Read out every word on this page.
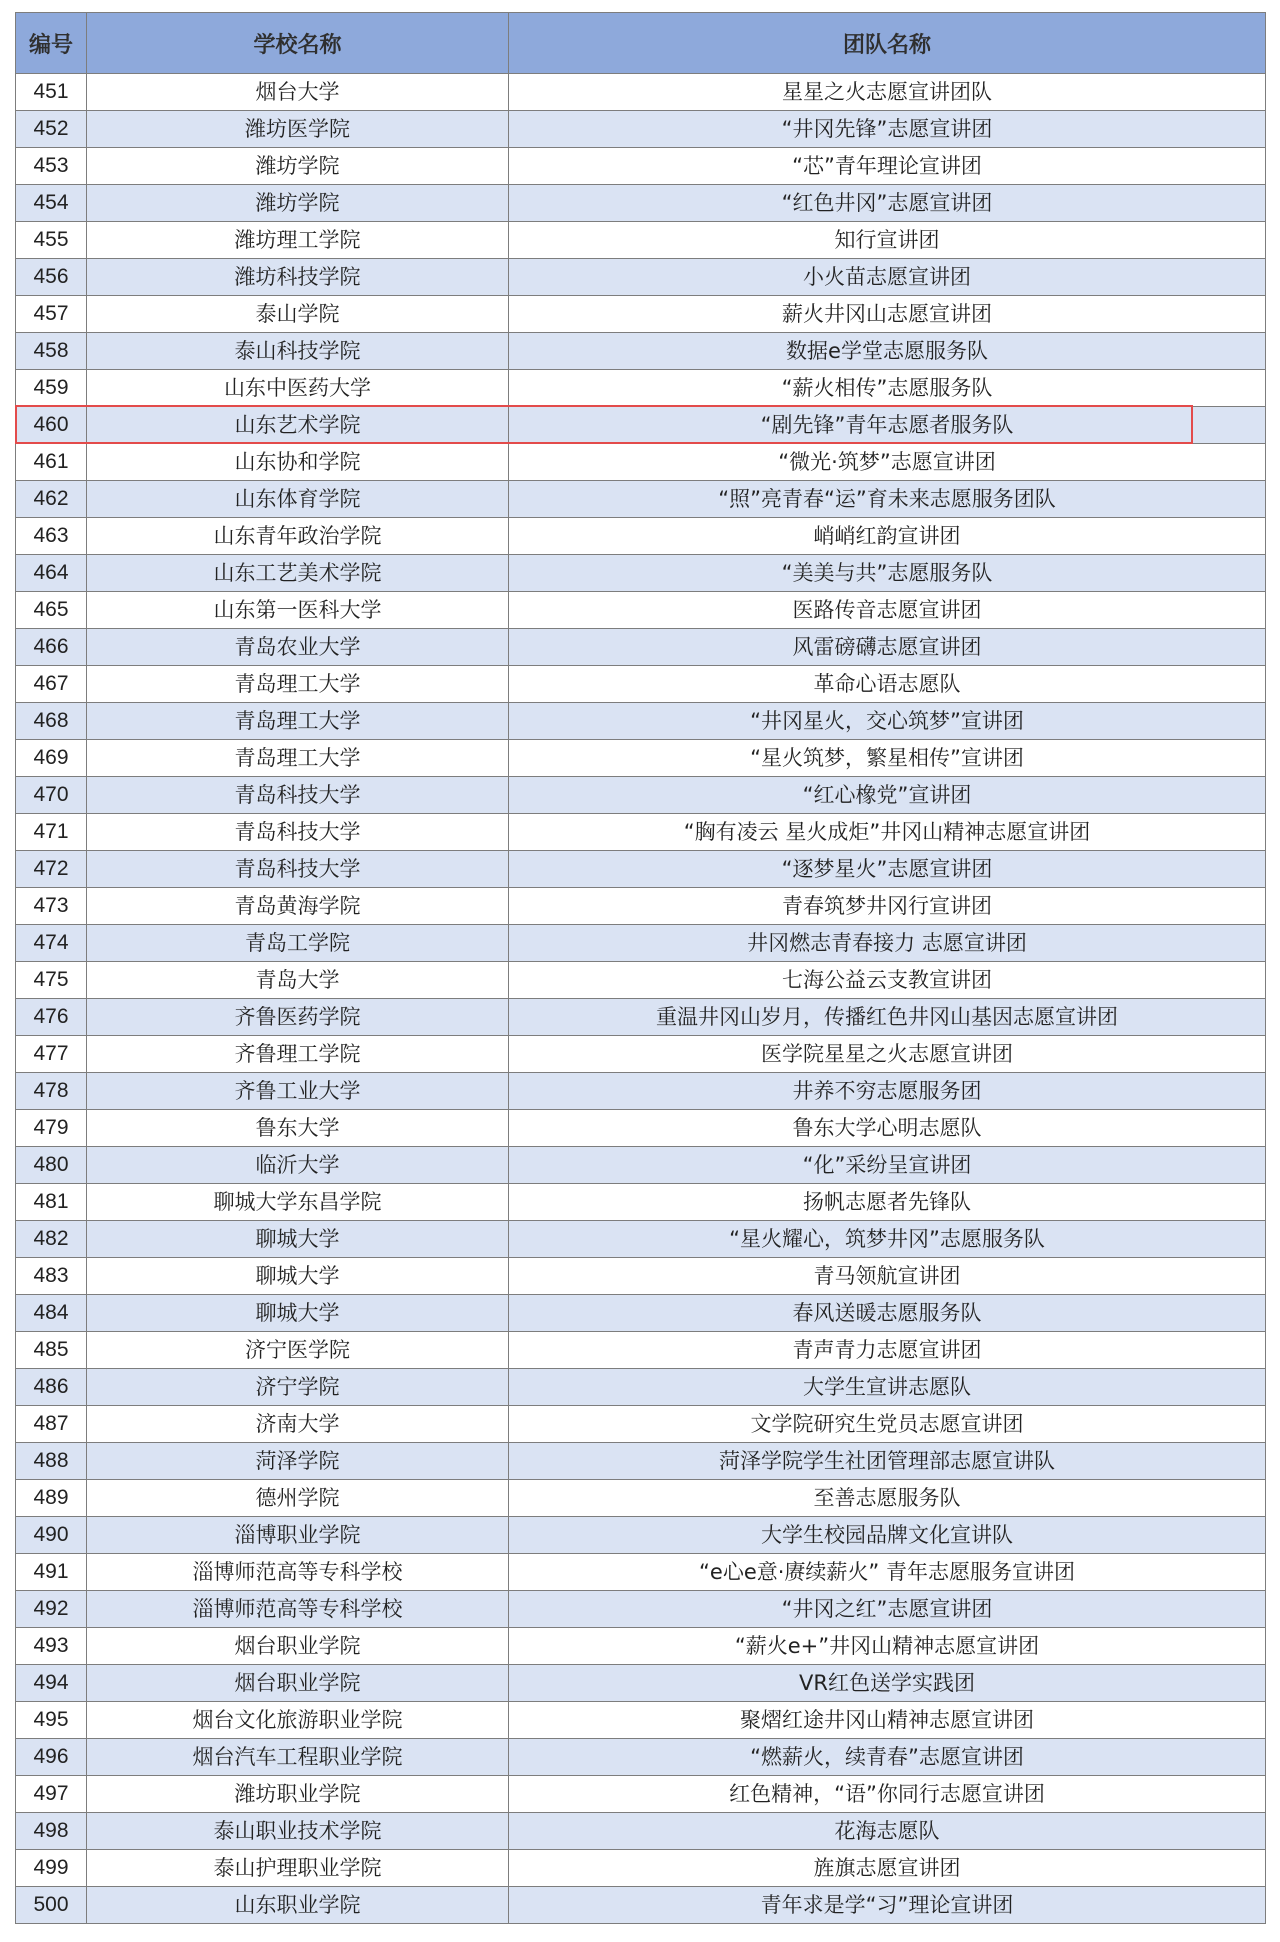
编号	学校名称	团队名称
451	烟台大学	星星之火志愿宣讲团队
452	潍坊医学院	“井冈先锋”志愿宣讲团
453	潍坊学院	“芯”青年理论宣讲团
454	潍坊学院	“红色井冈”志愿宣讲团
455	潍坊理工学院	知行宣讲团
456	潍坊科技学院	小火苗志愿宣讲团
457	泰山学院	薪火井冈山志愿宣讲团
458	泰山科技学院	数据e学堂志愿服务队
459	山东中医药大学	“薪火相传”志愿服务队
460	山东艺术学院	“剧先锋”青年志愿者服务队
461	山东协和学院	“微光·筑梦”志愿宣讲团
462	山东体育学院	“照”亮青春“运”育未来志愿服务团队
463	山东青年政治学院	峭峭红韵宣讲团
464	山东工艺美术学院	“美美与共”志愿服务队
465	山东第一医科大学	医路传音志愿宣讲团
466	青岛农业大学	风雷磅礴志愿宣讲团
467	青岛理工大学	革命心语志愿队
468	青岛理工大学	“井冈星火，交心筑梦”宣讲团
469	青岛理工大学	“星火筑梦，繁星相传”宣讲团
470	青岛科技大学	“红心橡党”宣讲团
471	青岛科技大学	“胸有凌云 星火成炬”井冈山精神志愿宣讲团
472	青岛科技大学	“逐梦星火”志愿宣讲团
473	青岛黄海学院	青春筑梦井冈行宣讲团
474	青岛工学院	井冈燃志青春接力 志愿宣讲团
475	青岛大学	七海公益云支教宣讲团
476	齐鲁医药学院	重温井冈山岁月，传播红色井冈山基因志愿宣讲团
477	齐鲁理工学院	医学院星星之火志愿宣讲团
478	齐鲁工业大学	井养不穷志愿服务团
479	鲁东大学	鲁东大学心明志愿队
480	临沂大学	“化”采纷呈宣讲团
481	聊城大学东昌学院	扬帆志愿者先锋队
482	聊城大学	“星火耀心，筑梦井冈”志愿服务队
483	聊城大学	青马领航宣讲团
484	聊城大学	春风送暖志愿服务队
485	济宁医学院	青声青力志愿宣讲团
486	济宁学院	大学生宣讲志愿队
487	济南大学	文学院研究生党员志愿宣讲团
488	菏泽学院	菏泽学院学生社团管理部志愿宣讲队
489	德州学院	至善志愿服务队
490	淄博职业学院	大学生校园品牌文化宣讲队
491	淄博师范高等专科学校	“e心e意·赓续薪火” 青年志愿服务宣讲团
492	淄博师范高等专科学校	“井冈之红”志愿宣讲团
493	烟台职业学院	“薪火e+”井冈山精神志愿宣讲团
494	烟台职业学院	VR红色送学实践团
495	烟台文化旅游职业学院	聚熠红途井冈山精神志愿宣讲团
496	烟台汽车工程职业学院	“燃薪火，续青春”志愿宣讲团
497	潍坊职业学院	红色精神，“语”你同行志愿宣讲团
498	泰山职业技术学院	花海志愿队
499	泰山护理职业学院	旌旗志愿宣讲团
500	山东职业学院	青年求是学“习”理论宣讲团
